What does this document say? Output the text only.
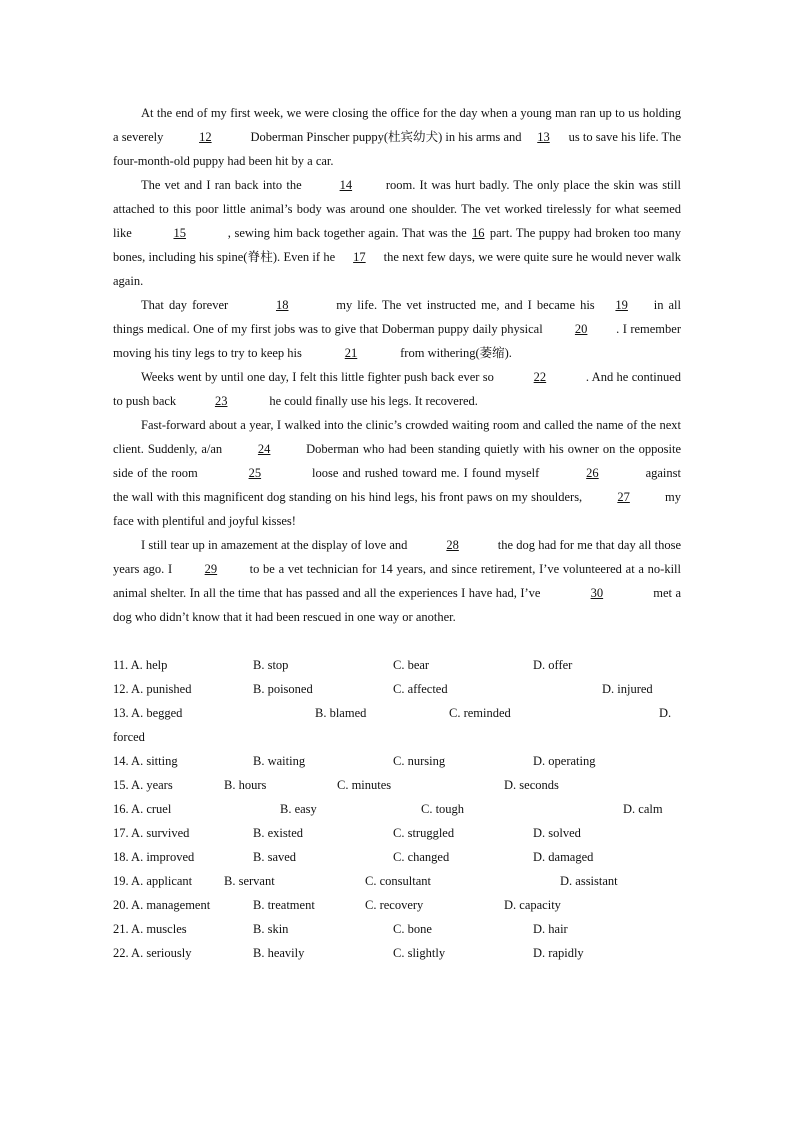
At the end of my first week, we were closing the office for the day when a young man ran up to us holding a severely	12	Doberman Pinscher puppy(杜宾幼犬) in his arms and 13 us to save his life. The four-month-old puppy had been hit by a car.

The vet and I ran back into the	14	room. It was hurt badly. The only place the skin was still attached to this poor little animal’s body was around one shoulder. The vet worked tirelessly for what seemed like	15	, sewing him back together again. That was the 16 part. The puppy had broken too many bones, including his spine(脊柱). Even if he 17 the next few days, we were quite sure he would never walk again.

That day forever	18	my life. The vet instructed me, and I became his 19 in all things medical. One of my first jobs was to give that Doberman puppy daily physical 20 . I remember moving his tiny legs to try to keep his	21	from withering(萎缩).

Weeks went by until one day, I felt this little fighter push back ever so	22	. And he continued to push back	23	he could finally use his legs. It recovered.

Fast-forward about a year, I walked into the clinic’s crowded waiting room and called the name of the next client. Suddenly, a/an	24	Doberman who had been standing quietly with his owner on the opposite side of the room	25	loose and rushed toward me. I found myself	26	against the wall with this magnificent dog standing on his hind legs, his front paws on my shoulders,	27	my face with plentiful and joyful kisses!

I still tear up in amazement at the display of love and	28	the dog had for me that day all those years ago. I 29 to be a vet technician for 14 years, and since retirement, I’ve volunteered at a no-kill animal shelter. In all the time that has passed and all the experiences I have had, I’ve	30	met a dog who didn’t know that it had been rescued in one way or another.

11. A. help	B. stop	C. bear	D. offer
12. A. punished	B. poisoned	C. affected	D. injured
13. A. begged	B. blamed	C. reminded	D.
forced
14. A. sitting	B. waiting	C. nursing	D. operating
15. A. years	B. hours	C. minutes	D. seconds
16. A. cruel	B. easy	C. tough	D. calm
17. A. survived	B. existed	C. struggled	D. solved
18. A. improved	B. saved	C. changed	D. damaged
19. A. applicant	B. servant	C. consultant	D. assistant
20. A. management	B. treatment	C. recovery	D. capacity
21. A. muscles	B. skin	C. bone	D. hair
22. A. seriously	B. heavily	C. slightly	D. rapidly
